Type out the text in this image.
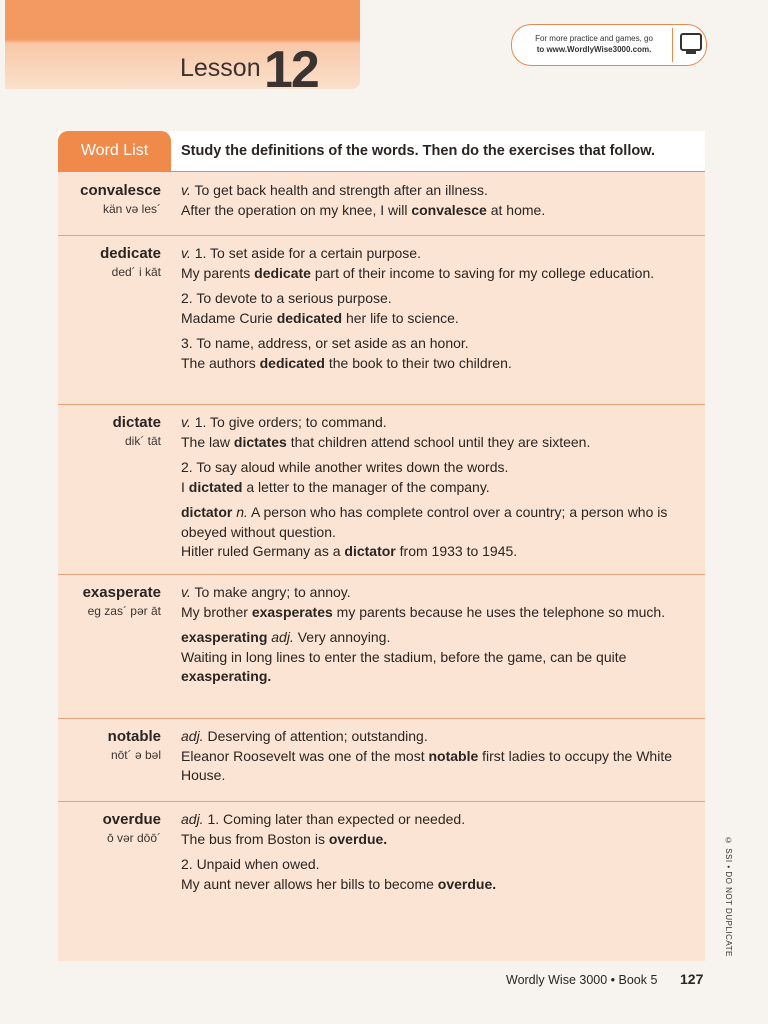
Lesson 12
For more practice and games, go
to www.WordlyWise3000.com.
Word List	Study the definitions of the words. Then do the exercises that follow.
convalesce
kän və les´

v. To get back health and strength after an illness.

After the operation on my knee, I will convalesce at home.

dedicate
ded´ i kāt

v. 1. To set aside for a certain purpose.

My parents dedicate part of their income to saving for my college education.

2. To devote to a serious purpose.

Madame Curie dedicated her life to science.

3. To name, address, or set aside as an honor.

The authors dedicated the book to their two children.

dictate
dik´ tāt

v. 1. To give orders; to command.

The law dictates that children attend school until they are sixteen.

2. To say aloud while another writes down the words.

I dictated a letter to the manager of the company.

dictator n. A person who has complete control over a country; a person who is obeyed without question.

Hitler ruled Germany as a dictator from 1933 to 1945.

exasperate
eg zas´ pər āt

v. To make angry; to annoy.

My brother exasperates my parents because he uses the telephone so much.

exasperating adj. Very annoying.

Waiting in long lines to enter the stadium, before the game, can be quite exasperating.

notable
nōt´ ə bəl

adj. Deserving of attention; outstanding.

Eleanor Roosevelt was one of the most notable first ladies to occupy the White House.

overdue
ō vər dōō´

adj. 1. Coming later than expected or needed.

The bus from Boston is overdue.

2. Unpaid when owed.

My aunt never allows her bills to become overdue.	© SSI • DO NOT DUPLICATE
Wordly Wise 3000 • Book 5 127
